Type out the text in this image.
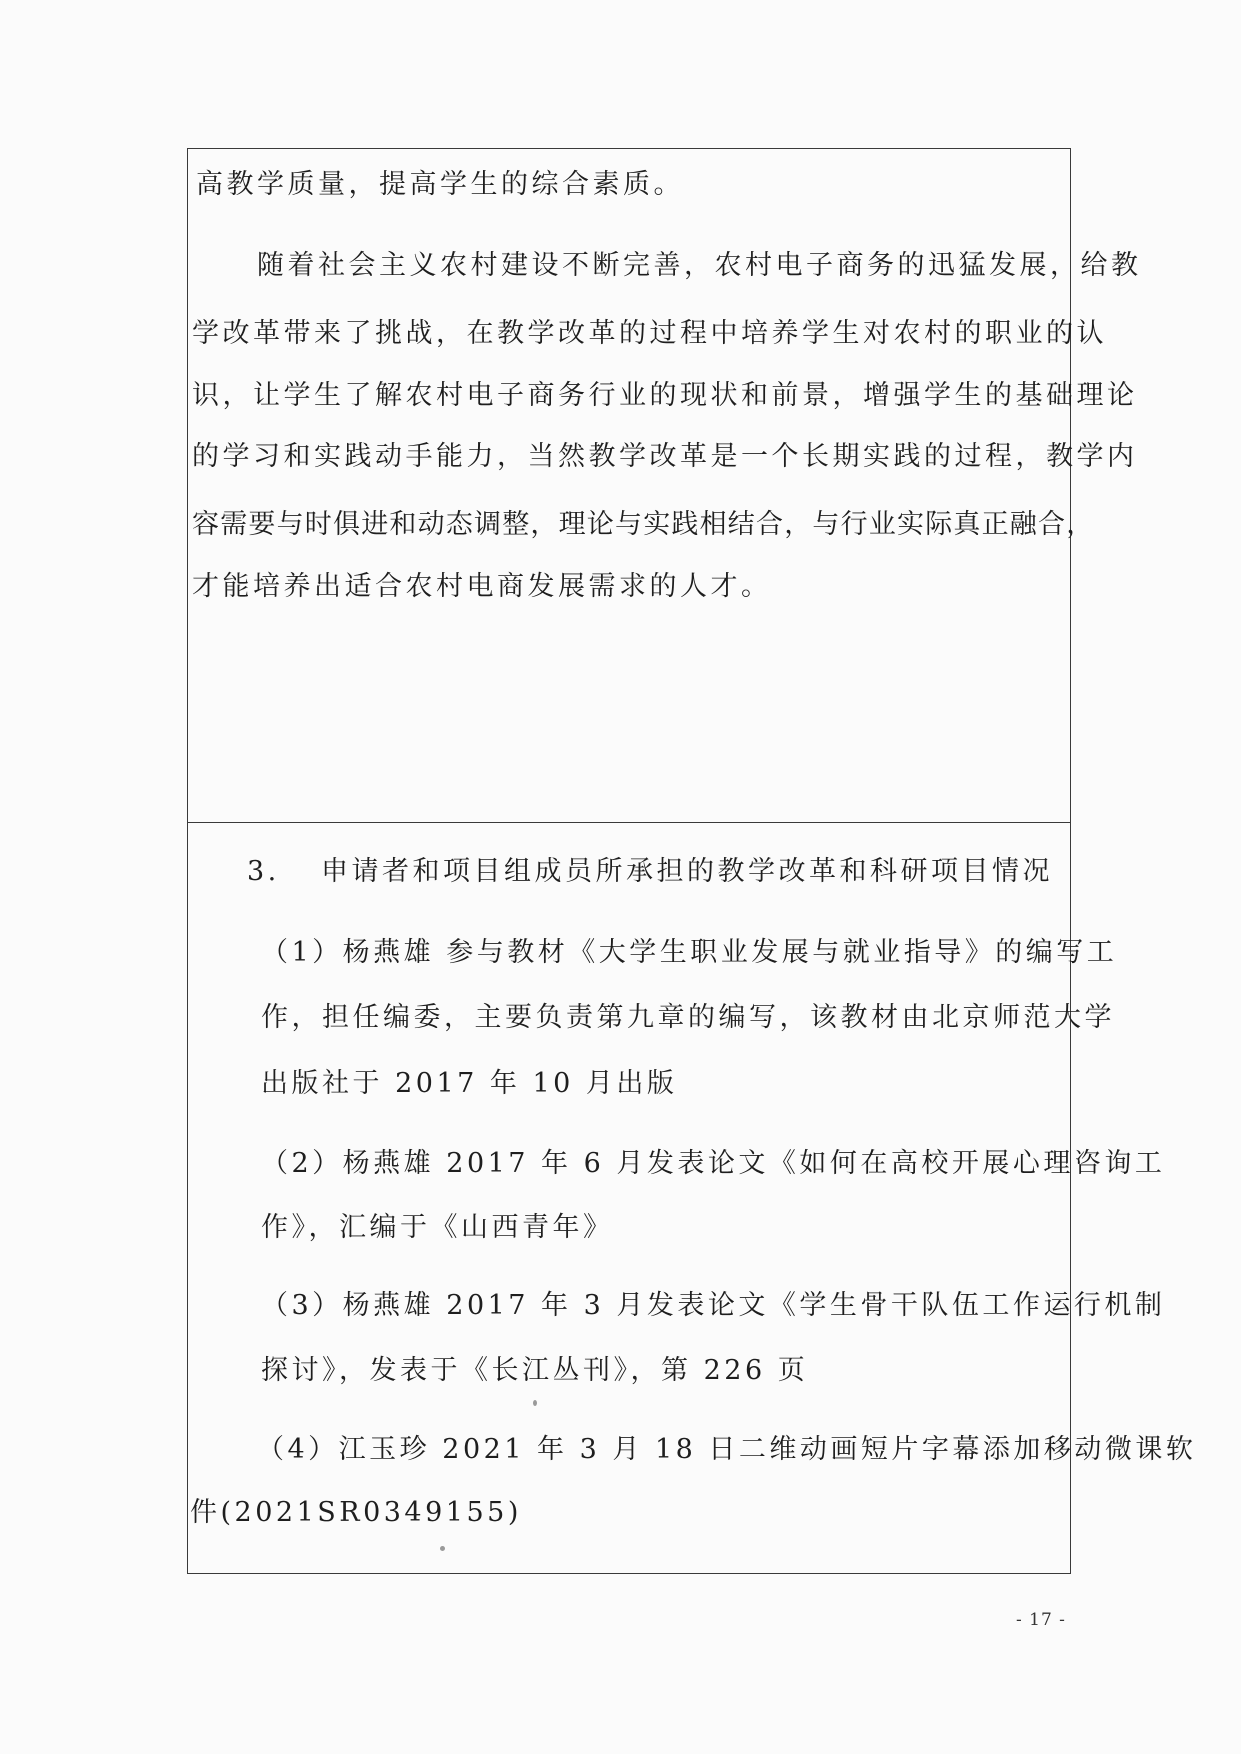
高教学质量，提高学生的综合素质。
随着社会主义农村建设不断完善，农村电子商务的迅猛发展，给教
学改革带来了挑战，在教学改革的过程中培养学生对农村的职业的认
识，让学生了解农村电子商务行业的现状和前景，增强学生的基础理论
的学习和实践动手能力，当然教学改革是一个长期实践的过程，教学内
容需要与时俱进和动态调整，理论与实践相结合，与行业实际真正融合，
才能培养出适合农村电商发展需求的人才。
3. 申请者和项目组成员所承担的教学改革和科研项目情况
（1）杨燕雄 参与教材《大学生职业发展与就业指导》的编写工
作，担任编委，主要负责第九章的编写，该教材由北京师范大学
出版社于 2017 年 10 月出版
（2）杨燕雄 2017 年 6 月发表论文《如何在高校开展心理咨询工
作》，汇编于《山西青年》
（3）杨燕雄 2017 年 3 月发表论文《学生骨干队伍工作运行机制
探讨》，发表于《长江丛刊》，第 226 页
（4）江玉珍 2021 年 3 月 18 日二维动画短片字幕添加移动微课软
件(2021SR0349155)
- 17 -
